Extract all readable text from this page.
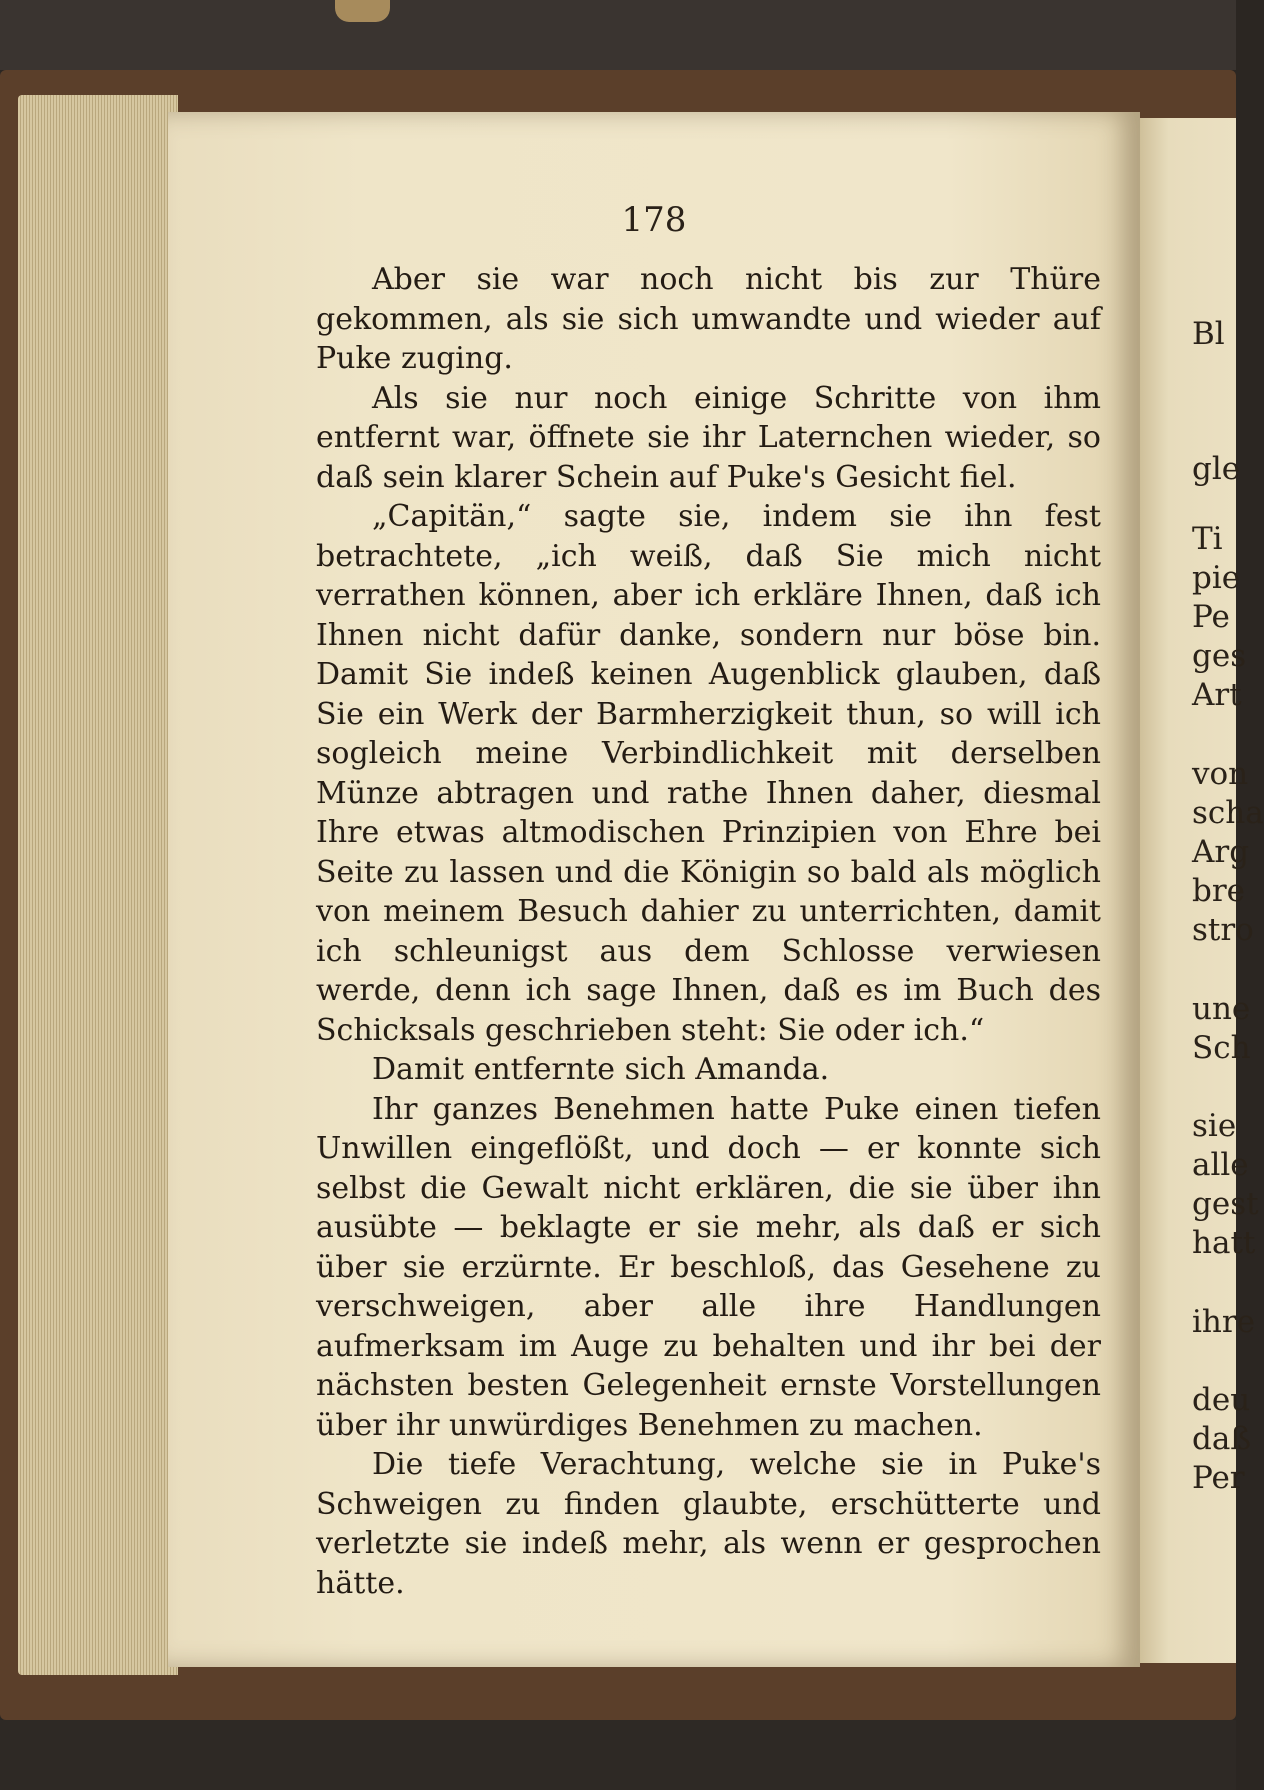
178

Aber sie war noch nicht bis zur Thüre gekommen, als sie sich umwandte und wieder auf Puke zuging.

Als sie nur noch einige Schritte von ihm entfernt war, öffnete sie ihr Laternchen wieder, so daß sein klarer Schein auf Puke's Gesicht fiel.

„Capitän,“ sagte sie, indem sie ihn fest betrachtete, „ich weiß, daß Sie mich nicht verrathen können, aber ich erkläre Ihnen, daß ich Ihnen nicht dafür danke, sondern nur böse bin. Damit Sie indeß keinen Augenblick glauben, daß Sie ein Werk der Barmherzigkeit thun, so will ich sogleich meine Verbindlichkeit mit derselben Münze abtragen und rathe Ihnen daher, diesmal Ihre etwas altmodischen Prinzipien von Ehre bei Seite zu lassen und die Königin so bald als möglich von meinem Besuch dahier zu unterrichten, damit ich schleunigst aus dem Schlosse verwiesen werde, denn ich sage Ihnen, daß es im Buch des Schicksals geschrieben steht: Sie oder ich.“

Damit entfernte sich Amanda.

Ihr ganzes Benehmen hatte Puke einen tiefen Unwillen eingeflößt, und doch — er konnte sich selbst die Gewalt nicht erklären, die sie über ihn ausübte — beklagte er sie mehr, als daß er sich über sie erzürnte. Er beschloß, das Gesehene zu verschweigen, aber alle ihre Handlungen aufmerksam im Auge zu behalten und ihr bei der nächsten besten Gelegenheit ernste Vorstellungen über ihr unwürdiges Benehmen zu machen.

Die tiefe Verachtung, welche sie in Puke's Schweigen zu finden glaubte, erschütterte und verletzte sie indeß mehr, als wenn er gesprochen hätte.

Bl
gle
Ti
pie
Pe
ges
Art
von
scha
Arg
bre
stro
une
Sch
sie
alle
gest
hatt
ihre
deu
daß
Per
